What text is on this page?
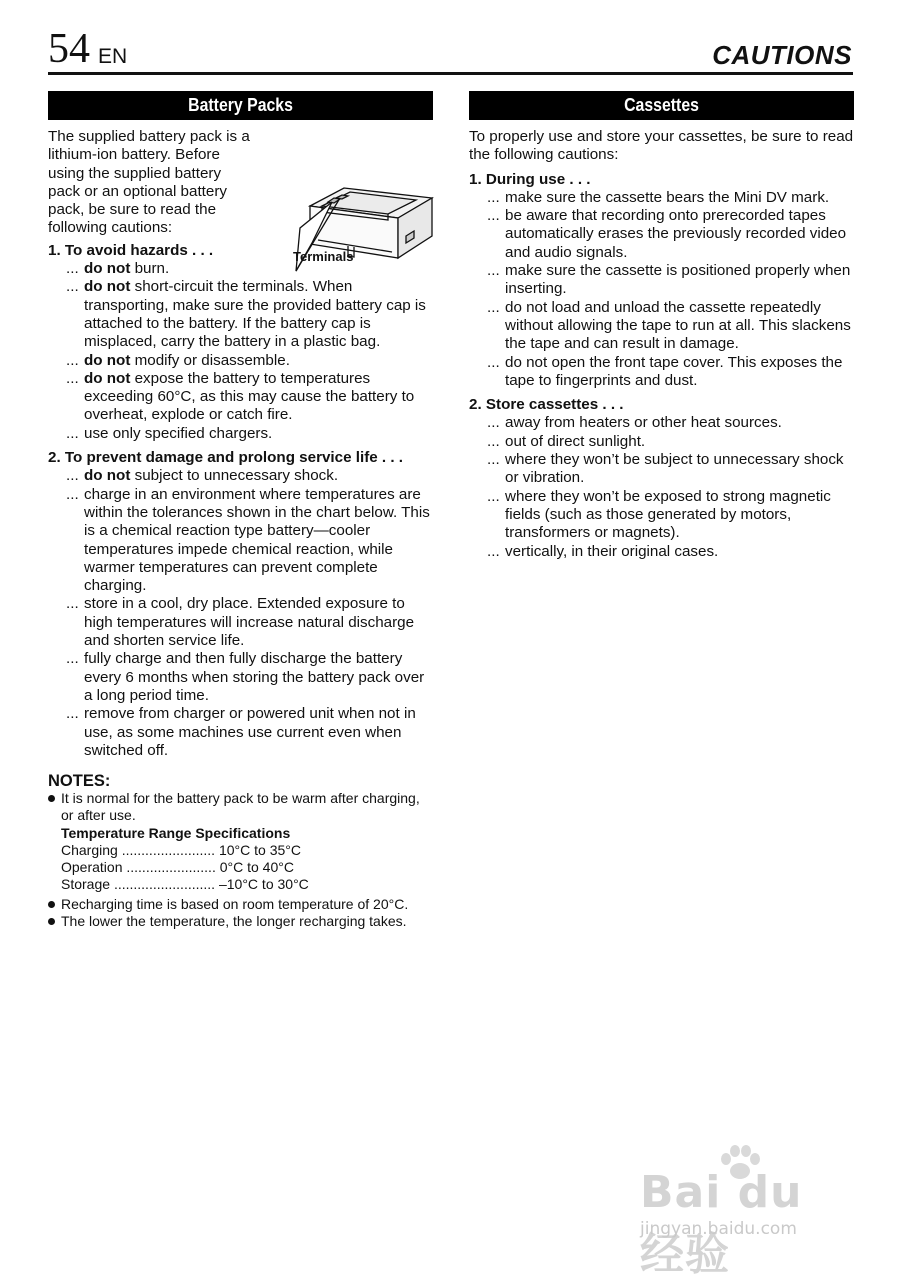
54 EN	CAUTIONS
Battery Packs
The supplied battery pack is a lithium-ion battery. Before using the supplied battery pack or an optional battery pack, be sure to read the following cautions:
Terminals
1. To avoid hazards . . .
... do not burn.
... do not short-circuit the terminals. When transporting, make sure the provided battery cap is attached to the battery. If the battery cap is misplaced, carry the battery in a plastic bag.
... do not modify or disassemble.
... do not expose the battery to temperatures exceeding 60°C, as this may cause the battery to overheat, explode or catch fire.
... use only specified chargers.
2. To prevent damage and prolong service life . . .
... do not subject to unnecessary shock.
... charge in an environment where temperatures are within the tolerances shown in the chart below. This is a chemical reaction type battery—cooler temperatures impede chemical reaction, while warmer temperatures can prevent complete charging.
... store in a cool, dry place. Extended exposure to high temperatures will increase natural discharge and shorten service life.
... fully charge and then fully discharge the battery every 6 months when storing the battery pack over a long period time.
... remove from charger or powered unit when not in use, as some machines use current even when switched off.
NOTES:
It is normal for the battery pack to be warm after charging, or after use.
Temperature Range Specifications
Charging ........................ 10°C to 35°C
Operation ....................... 0°C to 40°C
Storage .......................... –10°C to 30°C
Recharging time is based on room temperature of 20°C.
The lower the temperature, the longer recharging takes.
Cassettes
To properly use and store your cassettes, be sure to read the following cautions:
1. During use . . .
... make sure the cassette bears the Mini DV mark.
... be aware that recording onto prerecorded tapes automatically erases the previously recorded video and audio signals.
... make sure the cassette is positioned properly when inserting.
... do not load and unload the cassette repeatedly without allowing the tape to run at all. This slackens the tape and can result in damage.
... do not open the front tape cover. This exposes the tape to fingerprints and dust.
2. Store cassettes . . .
... away from heaters or other heat sources.
... out of direct sunlight.
... where they won’t be subject to unnecessary shock or vibration.
... where they won’t be exposed to strong magnetic fields (such as those generated by motors, transformers or magnets).
... vertically, in their original cases.
Bai du 经验
jingyan.baidu.com
